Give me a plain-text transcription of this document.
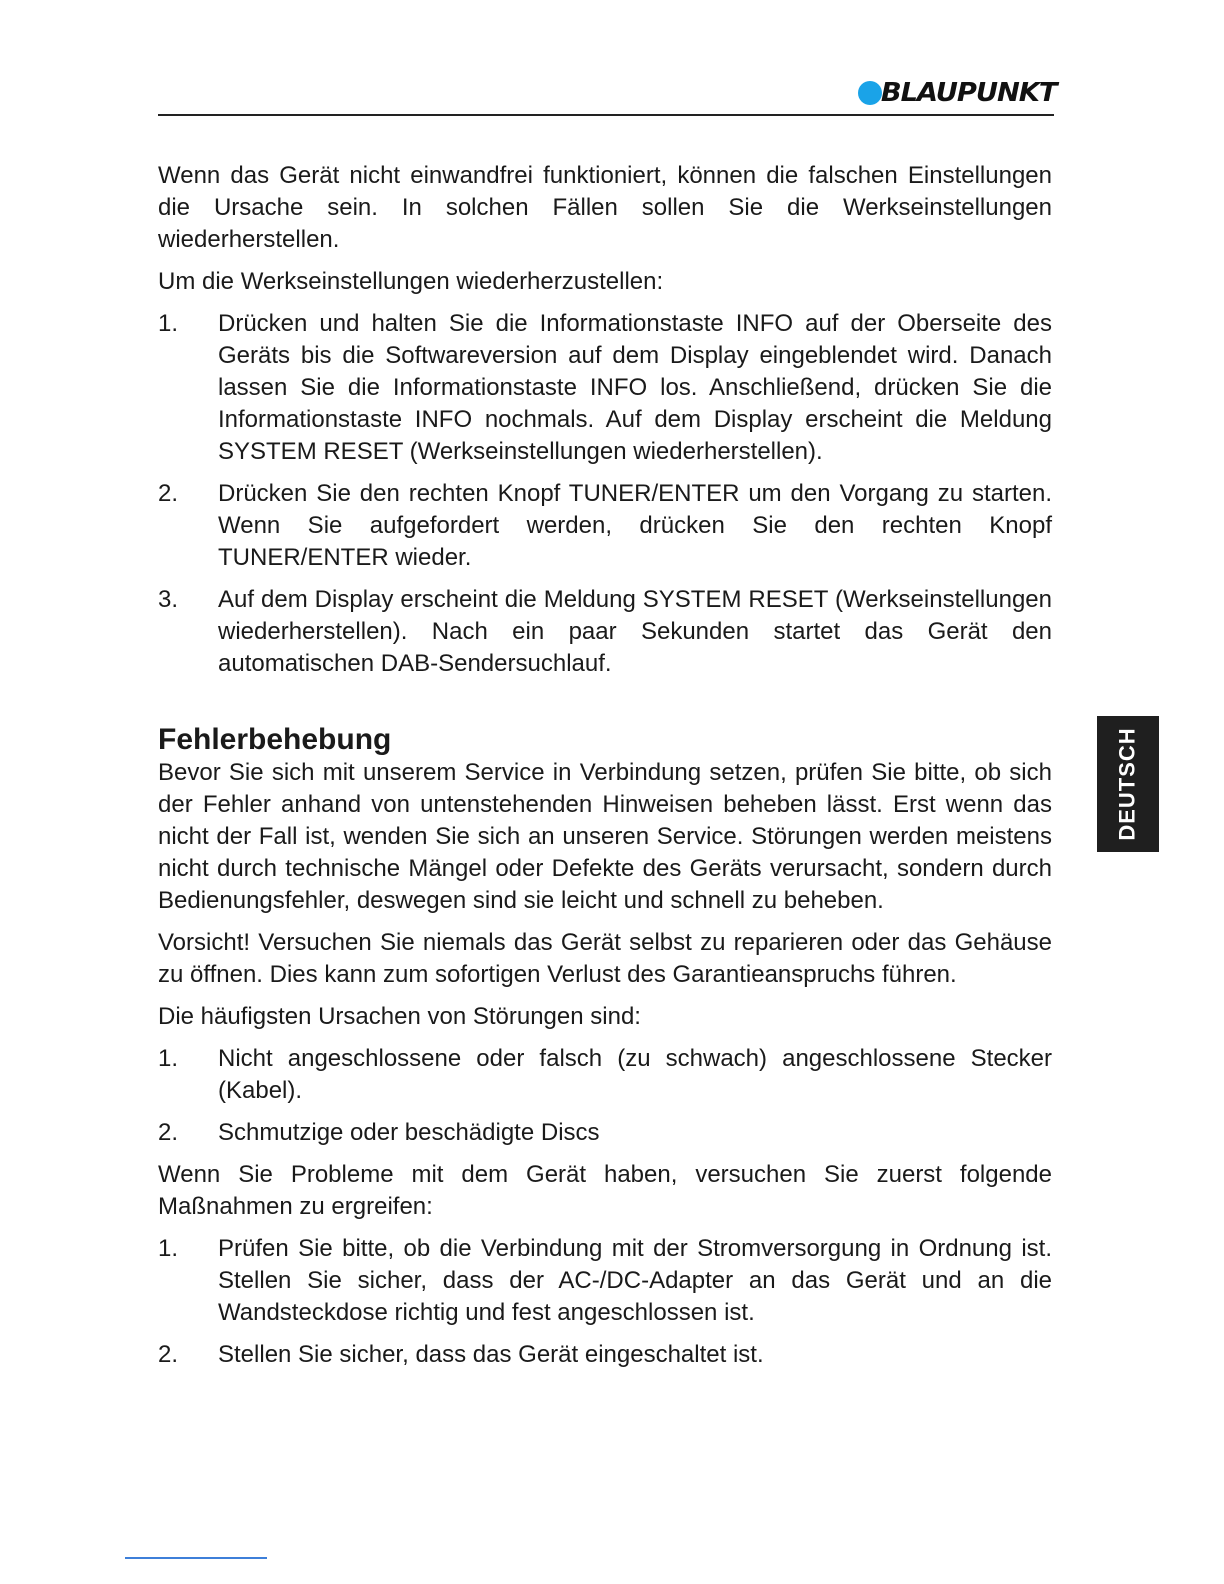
BLAUPUNKT
DEUTSCH

Wenn das Gerät nicht einwandfrei funktioniert, können die falschen Einstellungen die Ursache sein. In solchen Fällen sollen Sie die Werkseinstellungen wiederherstellen.

Um die Werkseinstellungen wiederherzustellen:

1. Drücken und halten Sie die Informationstaste INFO auf der Oberseite des Geräts bis die Softwareversion auf dem Display eingeblendet wird. Danach lassen Sie die Informationstaste INFO los. Anschließend, drücken Sie die Informationstaste INFO nochmals. Auf dem Display erscheint die Meldung SYSTEM RESET (Werkseinstellungen wiederherstellen).
2. Drücken Sie den rechten Knopf TUNER/ENTER um den Vorgang zu starten. Wenn Sie aufgefordert werden, drücken Sie den rechten Knopf TUNER/ENTER wieder.
3. Auf dem Display erscheint die Meldung SYSTEM RESET (Werkseinstellungen wiederherstellen). Nach ein paar Sekunden startet das Gerät den automatischen DAB-Sendersuchlauf.
Fehlerbehebung

Bevor Sie sich mit unserem Service in Verbindung setzen, prüfen Sie bitte, ob sich der Fehler anhand von untenstehenden Hinweisen beheben lässt. Erst wenn das nicht der Fall ist, wenden Sie sich an unseren Service. Störungen werden meistens nicht durch technische Mängel oder Defekte des Geräts verursacht, sondern durch Bedienungsfehler, deswegen sind sie leicht und schnell zu beheben.

Vorsicht! Versuchen Sie niemals das Gerät selbst zu reparieren oder das Gehäuse zu öffnen. Dies kann zum sofortigen Verlust des Garantieanspruchs führen.

Die häufigsten Ursachen von Störungen sind:

1. Nicht angeschlossene oder falsch (zu schwach) angeschlossene Stecker (Kabel).
2. Schmutzige oder beschädigte Discs

Wenn Sie Probleme mit dem Gerät haben, versuchen Sie zuerst folgende Maßnahmen zu ergreifen:

1. Prüfen Sie bitte, ob die Verbindung mit der Stromversorgung in Ordnung ist. Stellen Sie sicher, dass der AC-/DC-Adapter an das Gerät und an die Wandsteckdose richtig und fest angeschlossen ist.
2. Stellen Sie sicher, dass das Gerät eingeschaltet ist.
